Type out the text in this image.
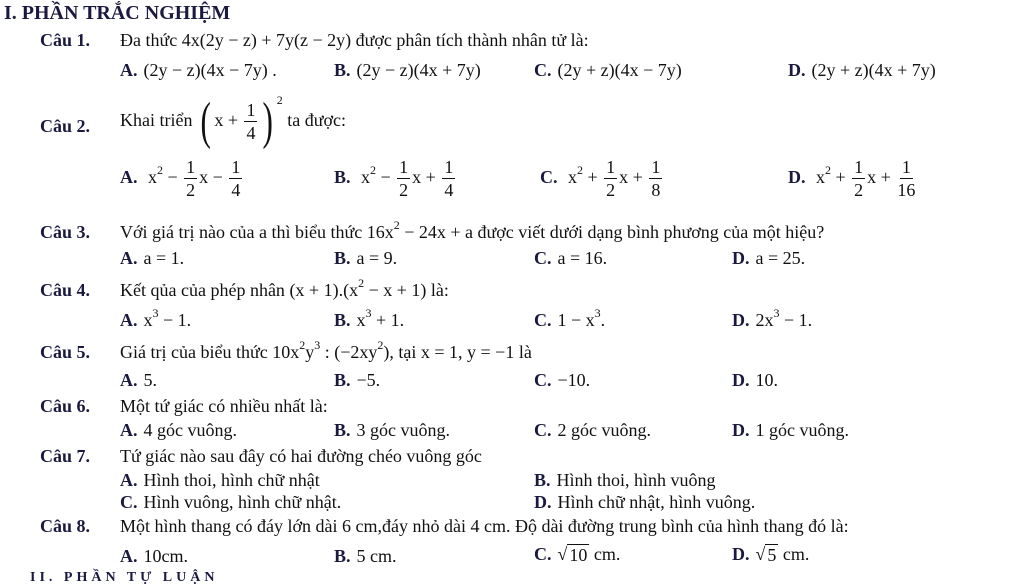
I. PHẦN TRẮC NGHIỆM
Câu 1. Đa thức 4x(2y − z) + 7y(z − 2y) được phân tích thành nhân tử là:
A. (2y − z)(4x − 7y) .	B. (2y − z)(4x + 7y)	C. (2y + z)(4x − 7y)	D. (2y + z)(4x + 7y)
Câu 2. Khai triển ( $x + \frac{1}{4}$ ) $^2$ ta được:
A. $x^2 - \frac{1}{2}$ $x - \frac{1}{4}$	B. $x^2 - \frac{1}{2}$ $x + \frac{1}{4}$	C. $x^2 + \frac{1}{2}$ $x + \frac{1}{8}$	D. $x^2 + \frac{1}{2}$ $x + \frac{1}{16}$
Câu 3. Với giá trị nào của a thì biểu thức $16x^2 - 24x + a$ được viết dưới dạng bình phương của một hiệu?
A. a = 1.	B. a = 9.	C. a = 16.	D. a = 25.
Câu 4. Kết qủa của phép nhân $(x + 1).(x^2 - x + 1)$ là:
A. $x^3 - 1$.	B. $x^3 + 1$.	C. $1 - x^3$.	D. $2x^3 - 1$.
Câu 5. Giá trị của biểu thức $10x^2y^3$ : $(-2xy^2)$, tại x = 1, y = −1 là
A. 5.	B. −5.	C. −10.	D. 10.
Câu 6. Một tứ giác có nhiều nhất là:
A. 4 góc vuông.	B. 3 góc vuông.	C. 2 góc vuông.	D. 1 góc vuông.
Câu 7. Tứ giác nào sau đây có hai đường chéo vuông góc
A. Hình thoi, hình chữ nhật	B. Hình thoi, hình vuông
C. Hình vuông, hình chữ nhật.	D. Hình chữ nhật, hình vuông.
Câu 8. Một hình thang có đáy lớn dài 6 cm,đáy nhỏ dài 4 cm. Độ dài đường trung bình của hình thang đó là:
A. 10cm.	B. 5 cm.	C. √ 10 cm.	D. √ 5 cm.
II. PHẦN TỰ LUẬN
